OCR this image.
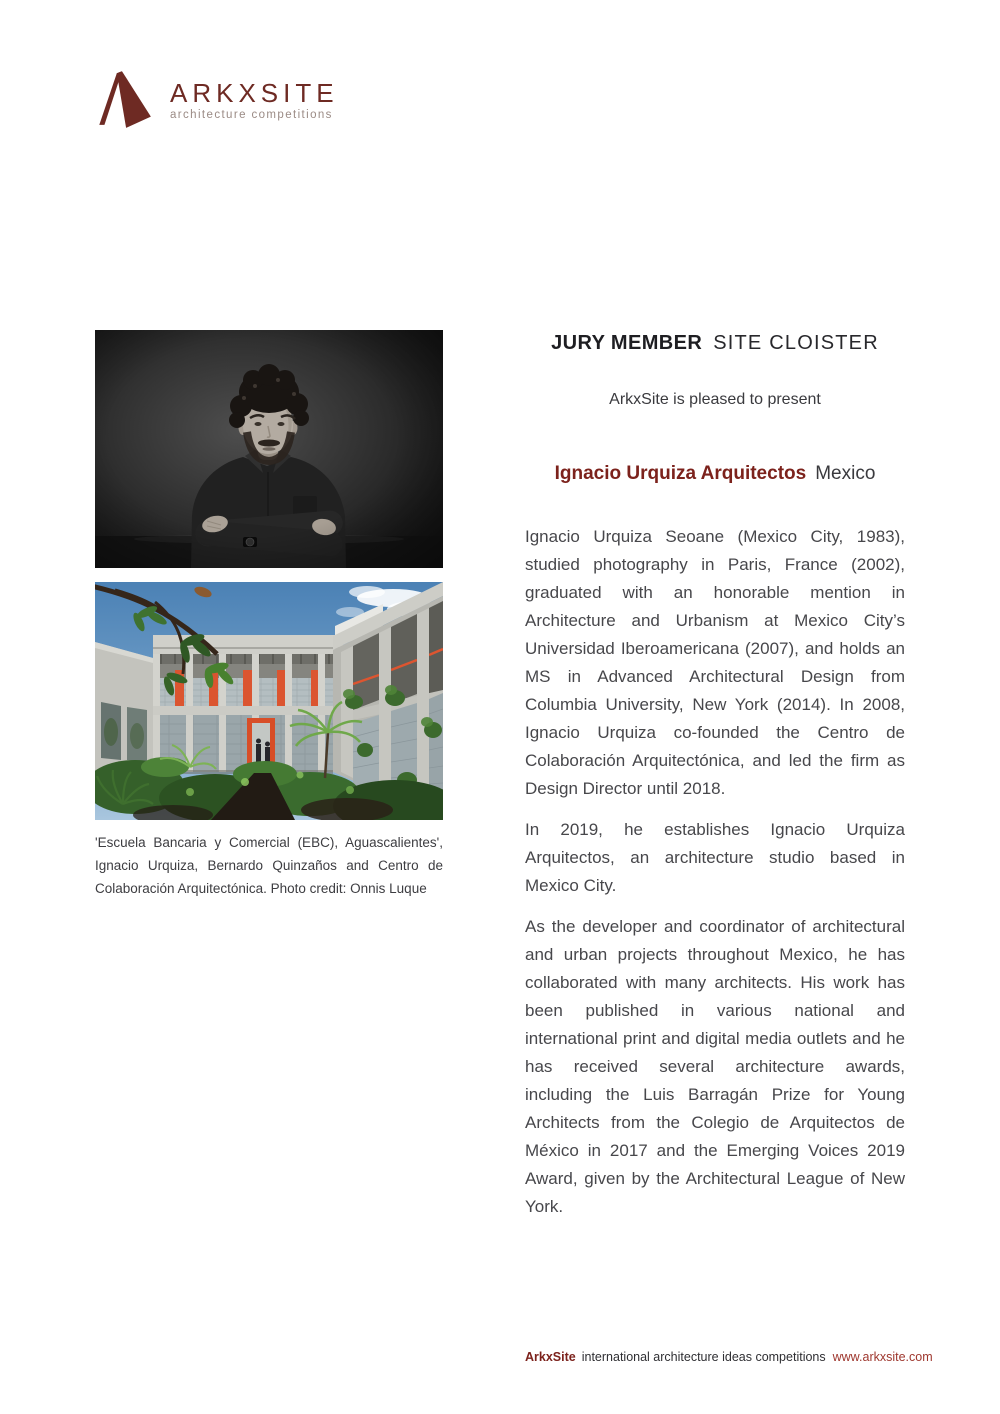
ARKXSITE
architecture competitions

'Escuela Bancaria y Comercial (EBC), Aguascalientes', Ignacio Urquiza, Bernardo Quinzaños and Centro de Colaboración Arquitectónica. Photo credit: Onnis Luque

JURY MEMBER SITE CLOISTER

ArkxSite is pleased to present

Ignacio Urquiza Arquitectos Mexico

Ignacio Urquiza Seoane (Mexico City, 1983), studied photography in Paris, France (2002), graduated with an honorable mention in Architecture and Urbanism at Mexico City’s Universidad Iberoamericana (2007), and holds an MS in Advanced Architectural Design from Columbia University, New York (2014). In 2008, Ignacio Urquiza co-founded the Centro de Colaboración Arquitectónica, and led the firm as Design Director until 2018.

In 2019, he establishes Ignacio Urquiza Arquitectos, an architecture studio based in Mexico City.

As the developer and coordinator of architectural and urban projects throughout Mexico, he has collaborated with many architects. His work has been published in various national and international print and digital media outlets and he has received several architecture awards, including the Luis Barragán Prize for Young Architects from the Colegio de Arquitectos de México in 2017 and the Emerging Voices 2019 Award, given by the Architectural League of New York.

ArkxSite international architecture ideas competitions www.arkxsite.com
